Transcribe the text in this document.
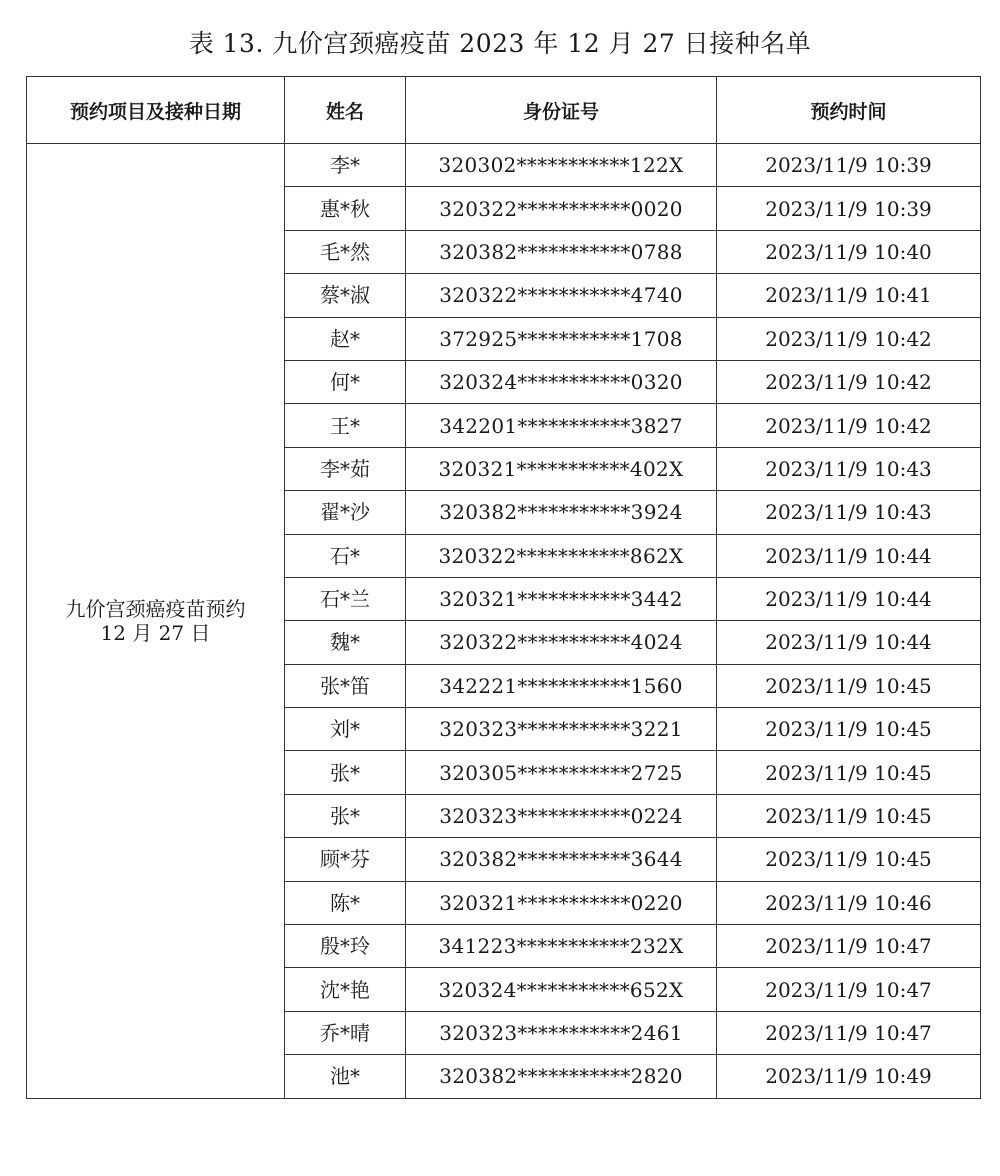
表 13. 九价宫颈癌疫苗 2023 年 12 月 27 日接种名单
预约项目及接种日期	姓名	身份证号	预约时间

九价宫颈癌疫苗预约
12 月 27 日	李*	320302***********122X	2023/11/9 10:39
	惠*秋	320322***********0020	2023/11/9 10:39
	毛*然	320382***********0788	2023/11/9 10:40
	蔡*淑	320322***********4740	2023/11/9 10:41
	赵*	372925***********1708	2023/11/9 10:42
	何*	320324***********0320	2023/11/9 10:42
	王*	342201***********3827	2023/11/9 10:42
	李*茹	320321***********402X	2023/11/9 10:43
	翟*沙	320382***********3924	2023/11/9 10:43
	石*	320322***********862X	2023/11/9 10:44
	石*兰	320321***********3442	2023/11/9 10:44
	魏*	320322***********4024	2023/11/9 10:44
	张*笛	342221***********1560	2023/11/9 10:45
	刘*	320323***********3221	2023/11/9 10:45
	张*	320305***********2725	2023/11/9 10:45
	张*	320323***********0224	2023/11/9 10:45
	顾*芬	320382***********3644	2023/11/9 10:45
	陈*	320321***********0220	2023/11/9 10:46
	殷*玲	341223***********232X	2023/11/9 10:47
	沈*艳	320324***********652X	2023/11/9 10:47
	乔*晴	320323***********2461	2023/11/9 10:47
	池*	320382***********2820	2023/11/9 10:49
